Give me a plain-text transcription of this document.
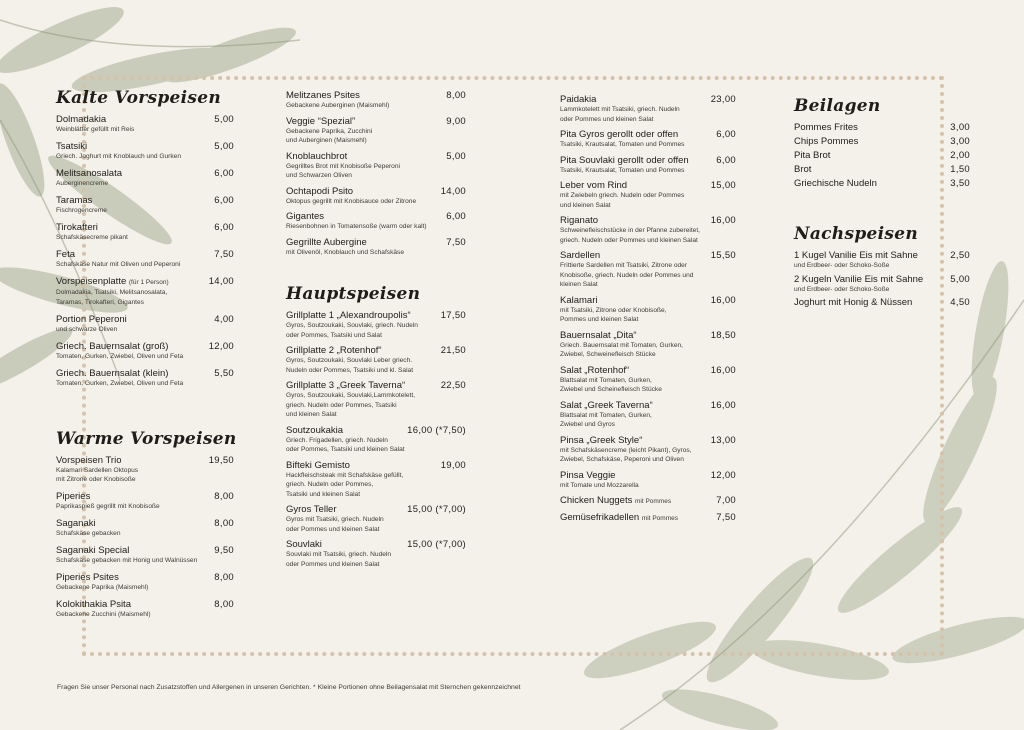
Kalte Vorspeisen
Dolmadakia	5,00
Weinblätter gefüllt mit Reis
Tsatsiki	5,00
Griech. Joghurt mit Knoblauch und Gurken
Melitsanosalata	6,00
Auberginencreme
Taramas	6,00
Fischrogencreme
Tirokafteri	6,00
Schafskäsecreme pikant
Feta	7,50
Schafskäse Natur mit Oliven und Peperoni
Vorspeisenplatte (für 1 Person)	14,00
Dolmadakia, Tsatsiki, Melitsanosalata,
Taramas, Tirokafteri, Gigantes
Portion Peperoni	4,00
und schwarze Oliven
Griech. Bauernsalat (groß)	12,00
Tomaten, Gurken, Zwiebel, Oliven und Feta
Griech. Bauernsalat (klein)	5,50
Tomaten, Gurken, Zwiebel, Oliven und Feta
Warme Vorspeisen
Vorspeisen Trio	19,50
Kalamari Sardellen Oktopus
mit Zitrone oder Knobisoße
Piperies	8,00
Paprikaspieß gegrillt mit Knobisoße
Saganaki	8,00
Schafskäse gebacken
Saganaki Special	9,50
Schafskäse gebacken mit Honig und Walnüssen
Piperies Psites	8,00
Gebackene Paprika (Maismehl)
Kolokithakia Psita	8,00
Gebackene Zucchini (Maismehl)
Melitzanes Psites	8,00
Gebackene Auberginen (Maismehl)
Veggie “Spezial”	9,00
Gebackene Paprika, Zucchini
und Auberginen (Maismehl)
Knoblauchbrot	5,00
Gegrilltes Brot mit Knobisoße Peperoni
und Schwarzen Oliven
Ochtapodi Psito	14,00
Oktopus gegrillt mit Knobisauce oder Zitrone
Gigantes	6,00
Riesenbohnen in Tomatensoße (warm oder kalt)
Gegrillte Aubergine	7,50
mit Olivenöl, Knoblauch und Schafskäse
Hauptspeisen
Grillplatte 1 „Alexandroupolis“	17,50
Gyros, Soutzoukaki, Souvlaki, griech. Nudeln
oder Pommes, Tsatsiki und Salat
Grillplatte 2 „Rotenhof“	21,50
Gyros, Soutzoukaki, Souvlaki Leber griech.
Nudeln oder Pommes, Tsatsiki und kl. Salat
Grillplatte 3 „Greek Taverna“	22,50
Gyros, Soutzoukaki, Souvlaki,Lammkotelett,
griech. Nudeln oder Pommes, Tsatsiki
und kleinen Salat
Soutzoukakia	16,00 (*7,50)
Griech. Frigadellen, griech. Nudeln
oder Pommes, Tsatsiki und kleinen Salat
Bifteki Gemisto	19,00
Hackfleischsteak mit Schafskäse gefüllt,
griech. Nudeln oder Pommes,
Tsatsiki und kleinen Salat
Gyros Teller	15,00 (*7,00)
Gyros mit Tsatsiki, griech. Nudeln
oder Pommes und kleinen Salat
Souvlaki	15,00 (*7,00)
Souvlaki mit Tsatsiki, griech. Nudeln
oder Pommes und kleinen Salat
Paidakia	23,00
Lammkotelett mit Tsatsiki, griech. Nudeln
oder Pommes und kleinen Salat
Pita Gyros gerollt oder offen	6,00
Tsatsiki, Krautsalat, Tomaten und Pommes
Pita Souvlaki gerollt oder offen	6,00
Tsatsiki, Krautsalat, Tomaten und Pommes
Leber vom Rind	15,00
mit Zwiebeln griech. Nudeln oder Pommes
und kleinen Salat
Riganato	16,00
Schweinefleischstücke in der Pfanne zubereitet,
griech. Nudeln oder Pommes und kleinen Salat
Sardellen	15,50
Frittierte Sardellen mit Tsatsiki, Zitrone oder
Knobisoße, griech. Nudeln oder Pommes und
kleinen Salat
Kalamari	16,00
mit Tsatsiki, Zitrone oder Knobisoße,
Pommes und kleinen Salat
Bauernsalat „Dita“	18,50
Griech. Bauernsalat mit Tomaten, Gurken,
Zwiebel, Schweinefleisch Stücke
Salat „Rotenhof“	16,00
Blattsalat mit Tomaten, Gurken,
Zwiebel und Scheinefleisch Stücke
Salat „Greek Taverna“	16,00
Blattsalat mit Tomaten, Gurken,
Zwiebel und Gyros
Pinsa „Greek Style“	13,00
mit Schafskäsencreme (leicht Pikant), Gyros,
Zwiebel, Schafskäse, Peperoni und Oliven
Pinsa Veggie	12,00
mit Tomate und Mozzarella
Chicken Nuggets mit Pommes	7,00
Gemüsefrikadellen mit Pommes	7,50
Beilagen
Pommes Frites	3,00
Chips Pommes	3,00
Pita Brot	2,00
Brot	1,50
Griechische Nudeln	3,50
Nachspeisen
1 Kugel Vanilie Eis mit Sahne	2,50
und Erdbeer- oder Schoko-Soße
2 Kugeln Vanilie Eis mit Sahne	5,00
und Erdbeer- oder Schoko-Soße
Joghurt mit Honig & Nüssen	4,50
Fragen Sie unser Personal nach Zusatzstoffen und Allergenen in unseren Gerichten. * Kleine Portionen ohne Beilagensalat mit Sternchen gekennzeichnet
